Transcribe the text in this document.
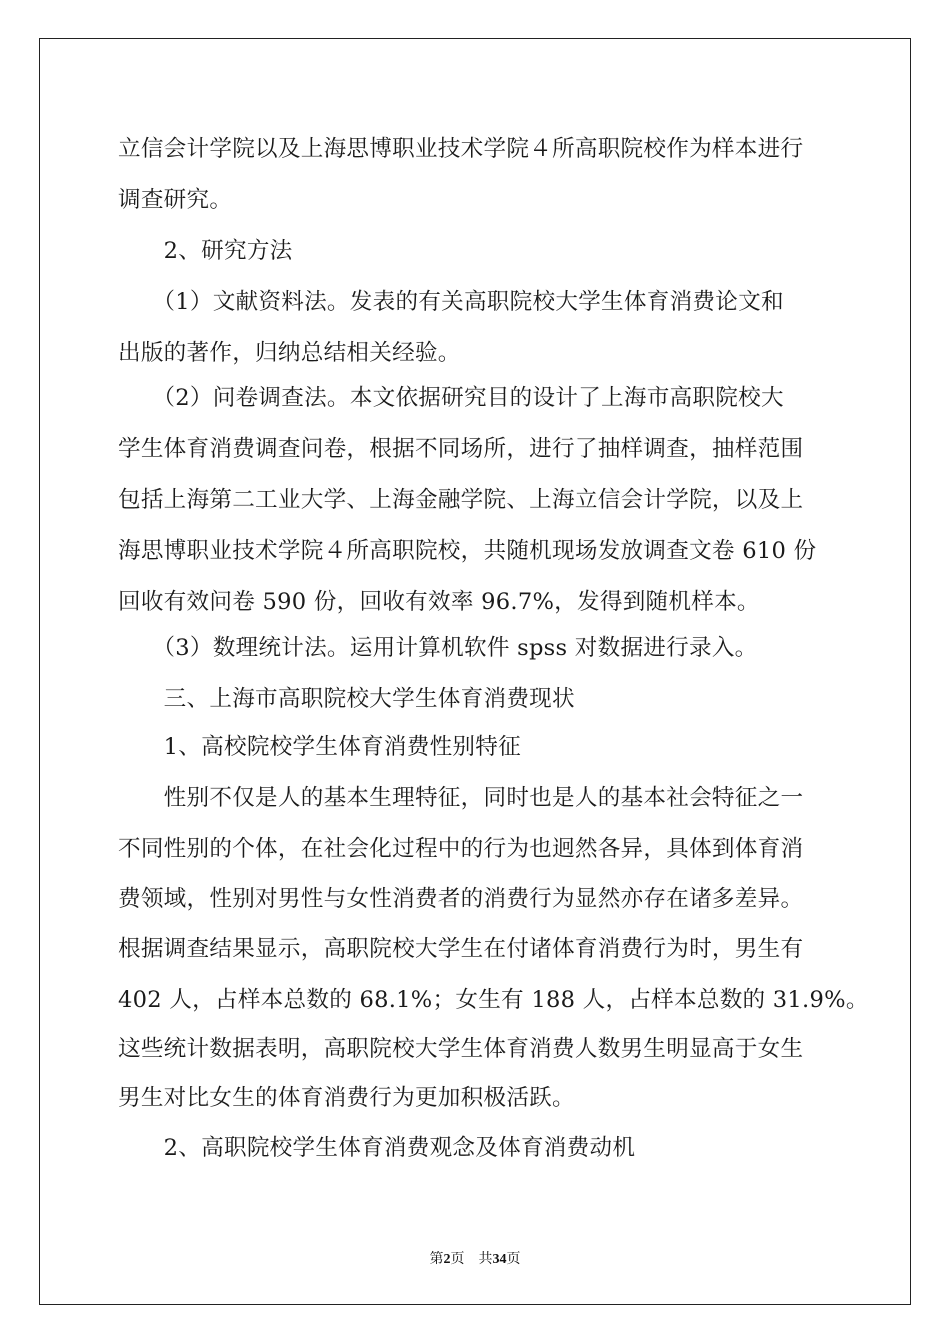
立信会计学院以及上海思博职业技术学院４所高职院校作为样本进行

调查研究。

　　2、研究方法

　　（1）文献资料法。发表的有关高职院校大学生体育消费论文和

出版的著作，归纳总结相关经验。

　　（2）问卷调查法。本文依据研究目的设计了上海市高职院校大

学生体育消费调查问卷，根据不同场所，进行了抽样调查，抽样范围

包括上海第二工业大学、上海金融学院、上海立信会计学院，以及上

海思博职业技术学院４所高职院校，共随机现场发放调查文卷 610 份

回收有效问卷 590 份，回收有效率 96.7%，发得到随机样本。

　　（3）数理统计法。运用计算机软件 spss 对数据进行录入。

　　三、上海市高职院校大学生体育消费现状

　　1、高校院校学生体育消费性别特征

　　性别不仅是人的基本生理特征，同时也是人的基本社会特征之一

不同性别的个体，在社会化过程中的行为也迥然各异，具体到体育消

费领域，性别对男性与女性消费者的消费行为显然亦存在诸多差异。

根据调查结果显示，高职院校大学生在付诸体育消费行为时，男生有

402 人，占样本总数的 68.1%；女生有 188 人，占样本总数的 31.9%。

这些统计数据表明，高职院校大学生体育消费人数男生明显高于女生

男生对比女生的体育消费行为更加积极活跃。

　　2、高职院校学生体育消费观念及体育消费动机

第2页 共34页
